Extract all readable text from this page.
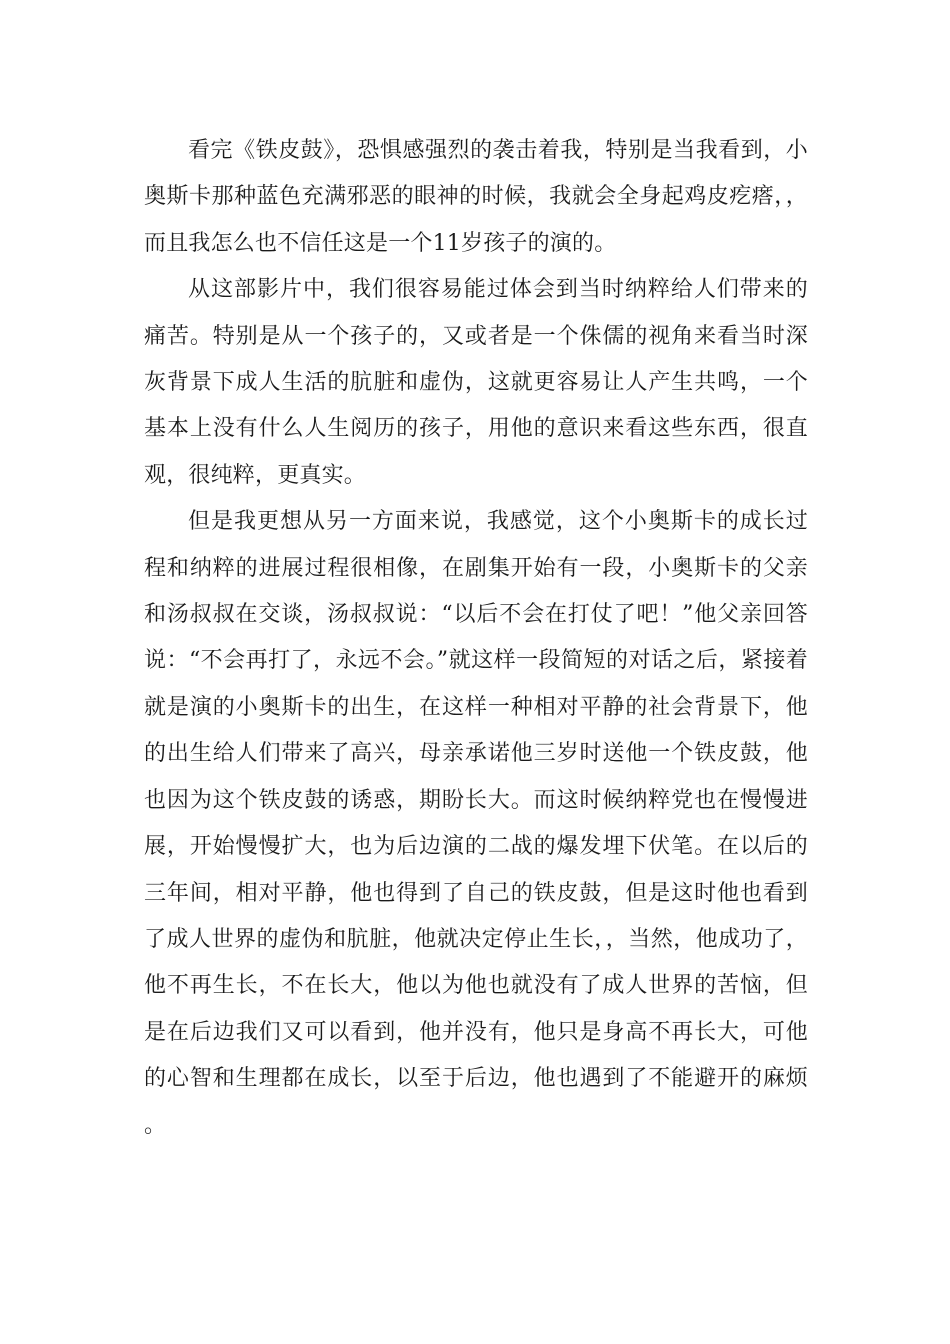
看完《铁皮鼓》，恐惧感强烈的袭击着我，特别是当我看到，小奥斯卡那种蓝色充满邪恶的眼神的时候，我就会全身起鸡皮疙瘩，，而且我怎么也不信任这是一个11岁孩子的演的。

从这部影片中，我们很容易能过体会到当时纳粹给人们带来的痛苦。特别是从一个孩子的，又或者是一个侏儒的视角来看当时深灰背景下成人生活的肮脏和虚伪，这就更容易让人产生共鸣，一个基本上没有什么人生阅历的孩子，用他的意识来看这些东西，很直观，很纯粹，更真实。

但是我更想从另一方面来说，我感觉，这个小奥斯卡的成长过程和纳粹的进展过程很相像，在剧集开始有一段，小奥斯卡的父亲和汤叔叔在交谈，汤叔叔说：“以后不会在打仗了吧！”他父亲回答说：“不会再打了，永远不会。”就这样一段简短的对话之后，紧接着就是演的小奥斯卡的出生，在这样一种相对平静的社会背景下，他的出生给人们带来了高兴，母亲承诺他三岁时送他一个铁皮鼓，他也因为这个铁皮鼓的诱惑，期盼长大。而这时候纳粹党也在慢慢进展，开始慢慢扩大，也为后边演的二战的爆发埋下伏笔。在以后的三年间，相对平静，他也得到了自己的铁皮鼓，但是这时他也看到了成人世界的虚伪和肮脏，他就决定停止生长，，当然，他成功了，他不再生长，不在长大，他以为他也就没有了成人世界的苦恼，但是在后边我们又可以看到，他并没有，他只是身高不再长大，可他的心智和生理都在成长，以至于后边，他也遇到了不能避开的麻烦。
